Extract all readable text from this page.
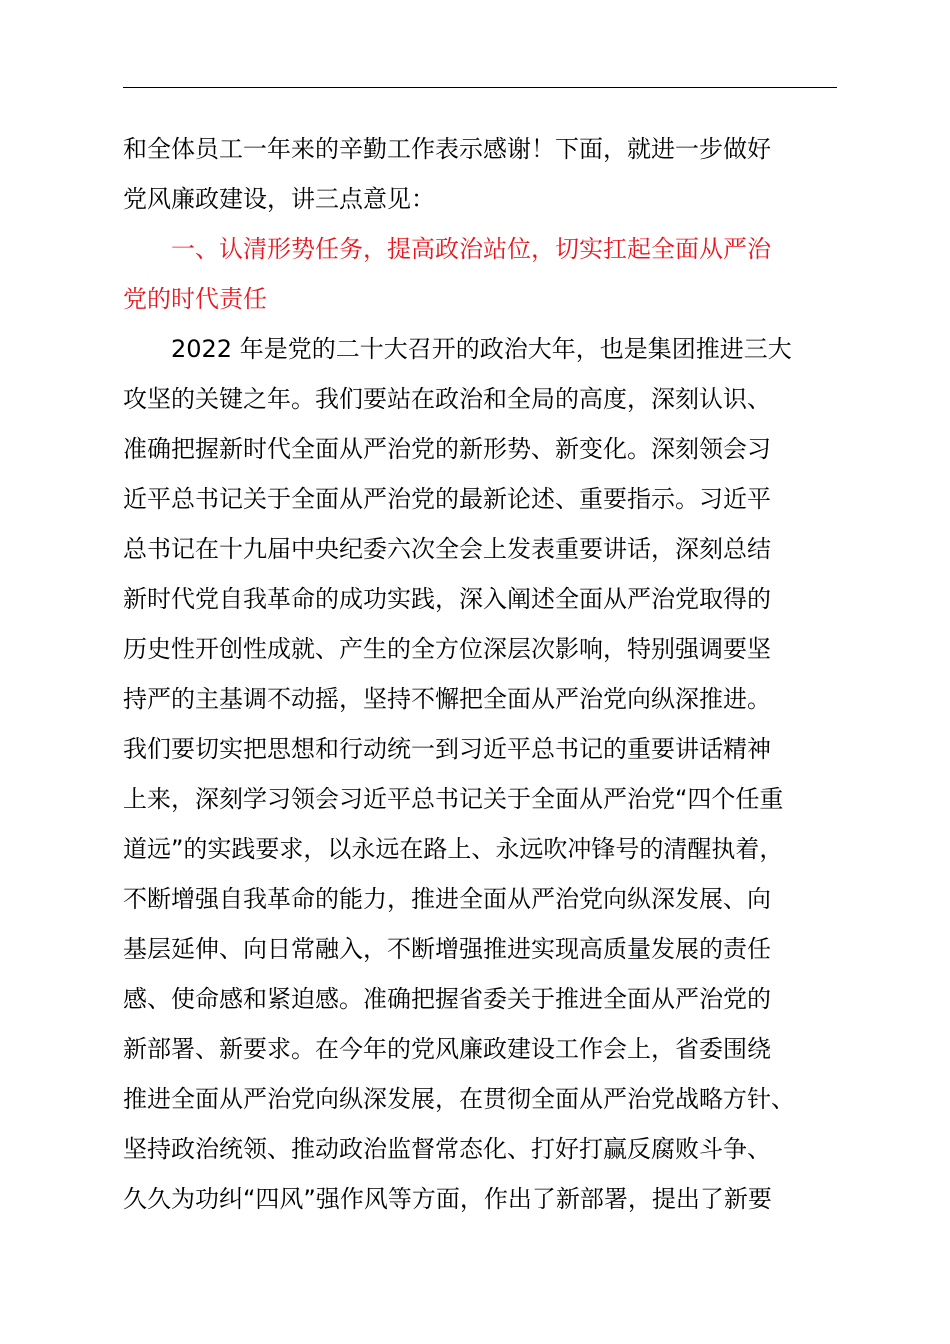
和全体员工一年来的辛勤工作表示感谢！下面，就进一步做好
党风廉政建设，讲三点意见：
一、认清形势任务，提高政治站位，切实扛起全面从严治
党的时代责任
2022 年是党的二十大召开的政治大年，也是集团推进三大
攻坚的关键之年。我们要站在政治和全局的高度，深刻认识、
准确把握新时代全面从严治党的新形势、新变化。深刻领会习
近平总书记关于全面从严治党的最新论述、重要指示。习近平
总书记在十九届中央纪委六次全会上发表重要讲话，深刻总结
新时代党自我革命的成功实践，深入阐述全面从严治党取得的
历史性开创性成就、产生的全方位深层次影响，特别强调要坚
持严的主基调不动摇，坚持不懈把全面从严治党向纵深推进。
我们要切实把思想和行动统一到习近平总书记的重要讲话精神
上来，深刻学习领会习近平总书记关于全面从严治党“四个任重
道远”的实践要求，以永远在路上、永远吹冲锋号的清醒执着，
不断增强自我革命的能力，推进全面从严治党向纵深发展、向
基层延伸、向日常融入，不断增强推进实现高质量发展的责任
感、使命感和紧迫感。准确把握省委关于推进全面从严治党的
新部署、新要求。在今年的党风廉政建设工作会上，省委围绕
推进全面从严治党向纵深发展，在贯彻全面从严治党战略方针、
坚持政治统领、推动政治监督常态化、打好打赢反腐败斗争、
久久为功纠“四风”强作风等方面，作出了新部署，提出了新要
